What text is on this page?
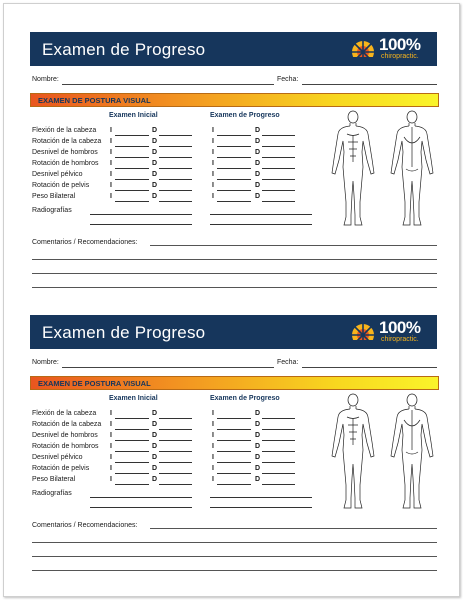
Examen de Progreso	100%
chiropractic.
Nombre:	Fecha:
EXAMEN DE POSTURA VISUAL
Examen Inicial	Examen de Progreso
Flexión de la cabeza I	D	I	D
Rotación de la cabeza I	D	I	D
Desnivel de hombros I	D	I	D
Rotación de hombros I	D	I	D
Desnivel pélvico	I	D	I	D
Rotación de pelvis	I	D	I	D
Peso Bilateral	I	D	I	D
Radiografías
Comentarios / Recomendaciones:
Examen de Progreso	100%
chiropractic.
Nombre:	Fecha:
EXAMEN DE POSTURA VISUAL
Examen Inicial	Examen de Progreso
Flexión de la cabeza I	D	I	D
Rotación de la cabeza I	D	I	D
Desnivel de hombros I	D	I	D
Rotación de hombros I	D	I	D
Desnivel pélvico	I	D	I	D
Rotación de pelvis	I	D	I	D
Peso Bilateral	I	D	I	D
Radiografías
Comentarios / Recomendaciones:
